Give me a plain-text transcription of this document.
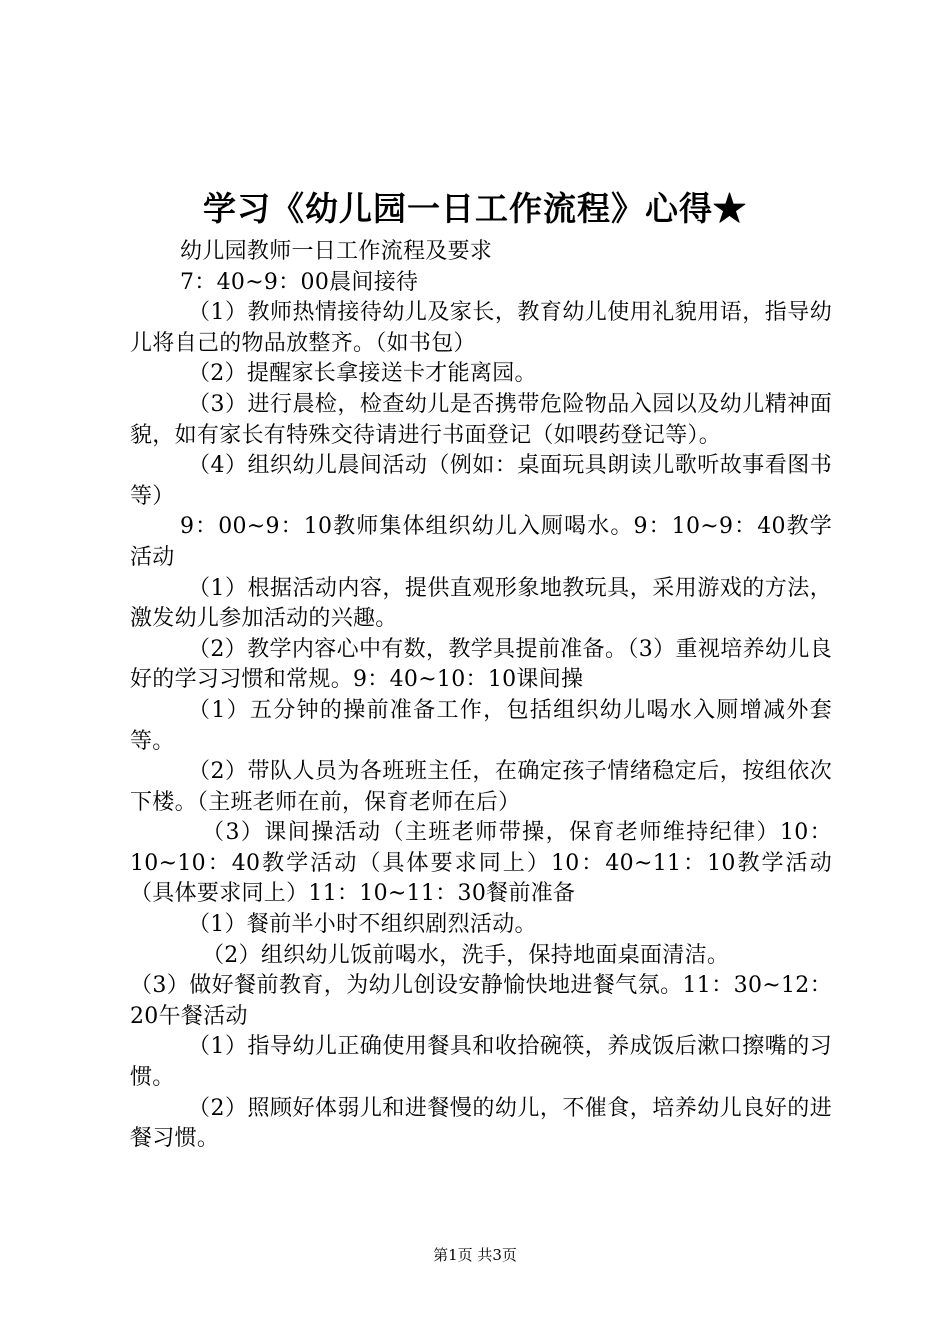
学习《幼儿园一日工作流程》心得★

幼儿园教师一日工作流程及要求

7：40~9：00晨间接待

（1）教师热情接待幼儿及家长，教育幼儿使用礼貌用语，指导幼儿将自己的物品放整齐。（如书包）

（2）提醒家长拿接送卡才能离园。

（3）进行晨检，检查幼儿是否携带危险物品入园以及幼儿精神面貌，如有家长有特殊交待请进行书面登记（如喂药登记等）。

（4）组织幼儿晨间活动（例如：桌面玩具朗读儿歌听故事看图书等）

9：00~9：10教师集体组织幼儿入厕喝水。9：10~9：40教学活动

（1）根据活动内容，提供直观形象地教玩具，采用游戏的方法，激发幼儿参加活动的兴趣。

（2）教学内容心中有数，教学具提前准备。（3）重视培养幼儿良好的学习习惯和常规。9：40~10：10课间操

（1）五分钟的操前准备工作，包括组织幼儿喝水入厕增减外套等。

（2）带队人员为各班班主任，在确定孩子情绪稳定后，按组依次下楼。（主班老师在前，保育老师在后）

（3）课间操活动（主班老师带操，保育老师维持纪律）10：10~10：40教学活动（具体要求同上）10：40~11：10教学活动（具体要求同上）11：10~11：30餐前准备

（1）餐前半小时不组织剧烈活动。

（2）组织幼儿饭前喝水，洗手，保持地面桌面清洁。

（3）做好餐前教育，为幼儿创设安静愉快地进餐气氛。11：30~12：20午餐活动

（1）指导幼儿正确使用餐具和收拾碗筷，养成饭后漱口擦嘴的习惯。

（2）照顾好体弱儿和进餐慢的幼儿，不催食，培养幼儿良好的进餐习惯。

第1页 共3页
